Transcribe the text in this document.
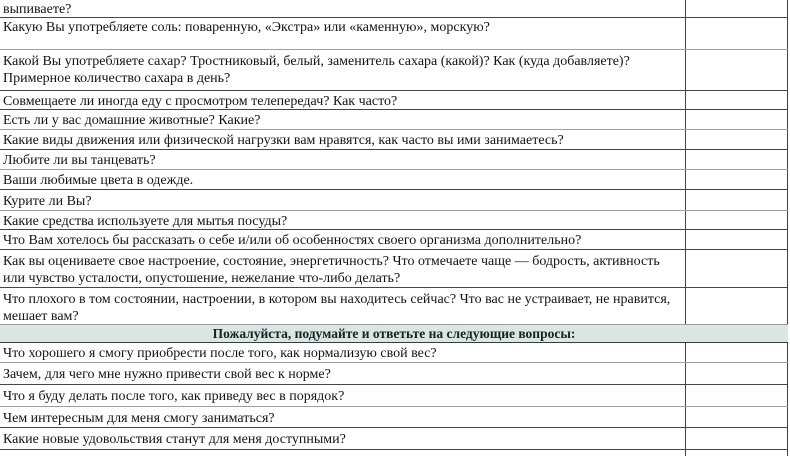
выпиваете?
Какую Вы употребляете соль: поваренную, «Экстра» или «каменную», морскую?
Какой Вы употребляете сахар? Тростниковый, белый, заменитель сахара (какой)? Как (куда добавляете)? Примерное количество сахара в день?
Совмещаете ли иногда еду с просмотром телепередач? Как часто?
Есть ли у вас домашние животные? Какие?
Какие виды движения или физической нагрузки вам нравятся, как часто вы ими занимаетесь?
Любите ли вы танцевать?
Ваши любимые цвета в одежде.
Курите ли Вы?
Какие средства используете для мытья посуды?
Что Вам хотелось бы рассказать о себе и/или об особенностях своего организма дополнительно?
Как вы оцениваете свое настроение, состояние, энергетичность? Что отмечаете чаще — бодрость, активность или чувство усталости, опустошение, нежелание что-либо делать?
Что плохого в том состоянии, настроении, в котором вы находитесь сейчас? Что вас не устраивает, не нравится, мешает вам?
Пожалуйста, подумайте и ответьте на следующие вопросы:
Что хорошего я смогу приобрести после того, как нормализую свой вес?
Зачем, для чего мне нужно привести свой вес к норме?
Что я буду делать после того, как приведу вес в порядок?
Чем интересным для меня смогу заниматься?
Какие новые удовольствия станут для меня доступными?
